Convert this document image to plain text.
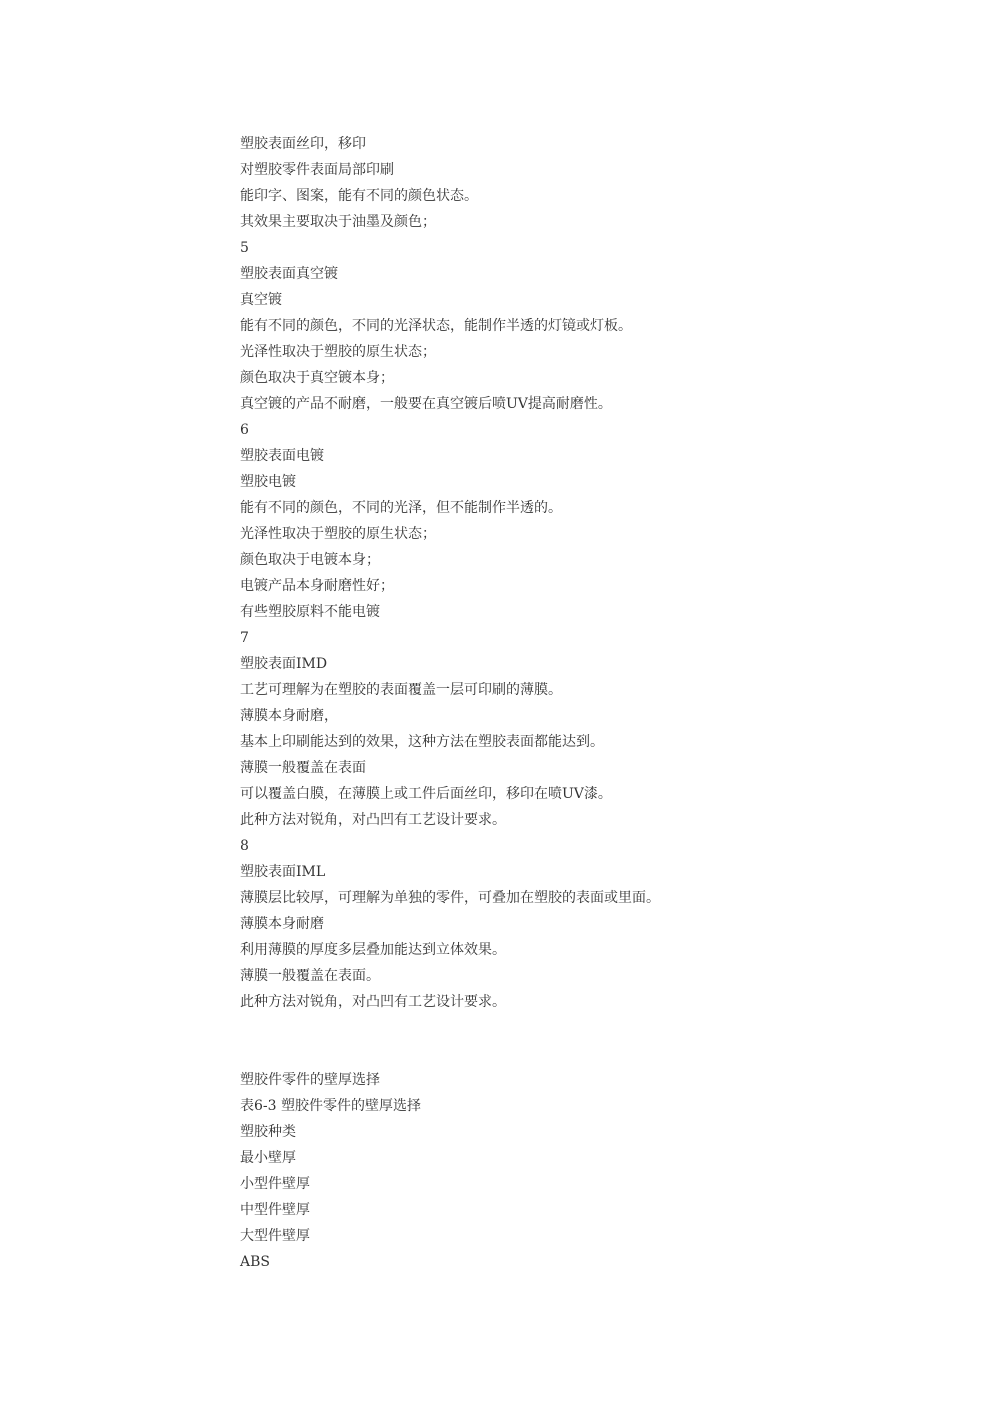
塑胶表面丝印，移印
对塑胶零件表面局部印刷
能印字、图案，能有不同的颜色状态。
其效果主要取决于油墨及颜色；
5
塑胶表面真空镀
真空镀
能有不同的颜色，不同的光泽状态，能制作半透的灯镜或灯板。
光泽性取决于塑胶的原生状态；
颜色取决于真空镀本身；
真空镀的产品不耐磨，一般要在真空镀后喷UV提高耐磨性。
6
塑胶表面电镀
塑胶电镀
能有不同的颜色，不同的光泽，但不能制作半透的。
光泽性取决于塑胶的原生状态；
颜色取决于电镀本身；
电镀产品本身耐磨性好；
有些塑胶原料不能电镀
7
塑胶表面IMD
工艺可理解为在塑胶的表面覆盖一层可印刷的薄膜。
薄膜本身耐磨，
基本上印刷能达到的效果，这种方法在塑胶表面都能达到。
薄膜一般覆盖在表面
可以覆盖白膜，在薄膜上或工件后面丝印，移印在喷UV漆。
此种方法对锐角，对凸凹有工艺设计要求。
8
塑胶表面IML
薄膜层比较厚，可理解为单独的零件，可叠加在塑胶的表面或里面。
薄膜本身耐磨
利用薄膜的厚度多层叠加能达到立体效果。
薄膜一般覆盖在表面。
此种方法对锐角，对凸凹有工艺设计要求。
塑胶件零件的壁厚选择
表6-3 塑胶件零件的壁厚选择
塑胶种类
最小壁厚
小型件壁厚
中型件壁厚
大型件壁厚
ABS
